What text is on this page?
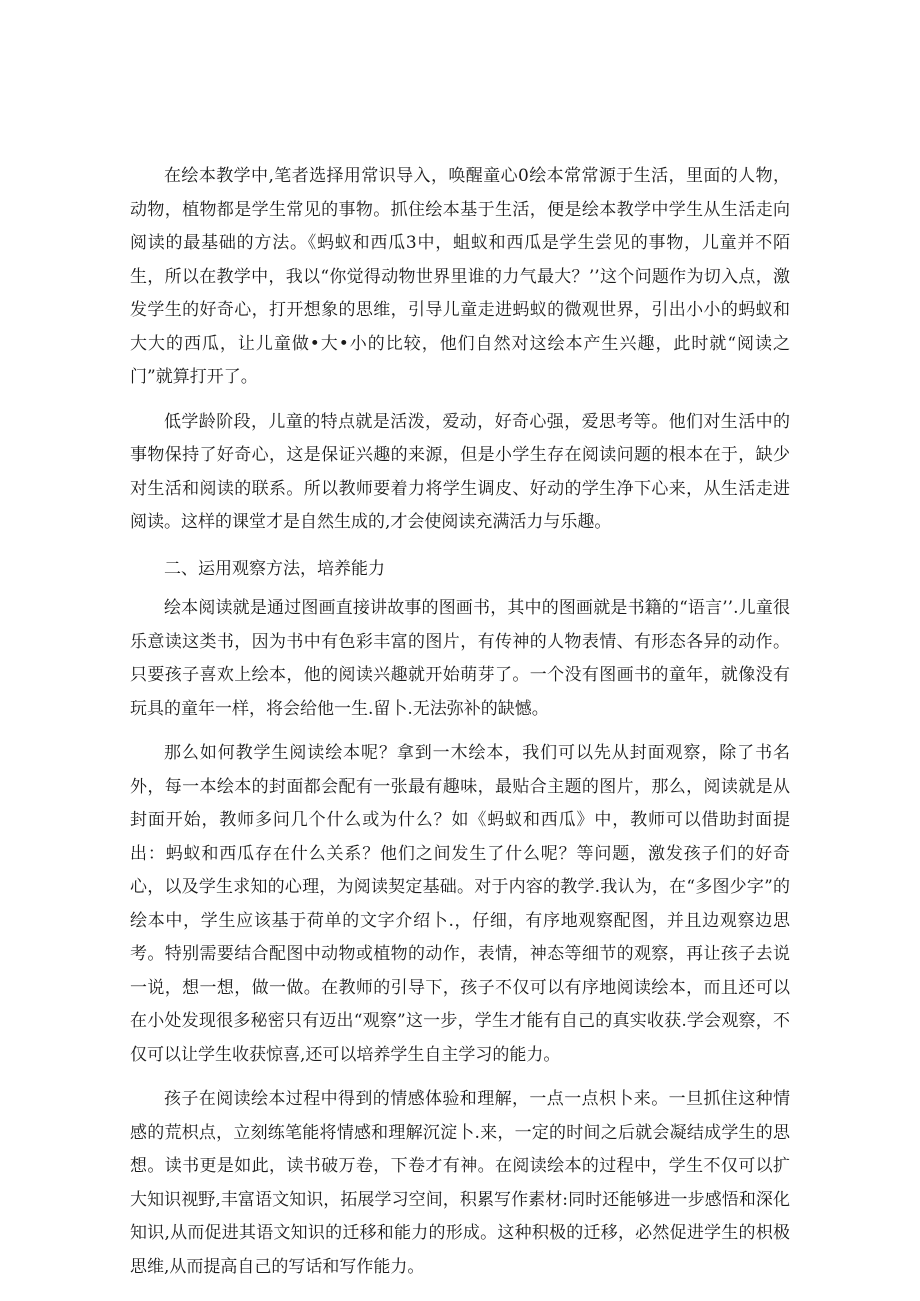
在绘本教学中,笔者选择用常识导入，唤醒童心0绘本常常源于生活，里面的人物，动物，植物都是学生常见的事物。抓住绘本基于生活，便是绘本教学中学生从生活走向阅读的最基础的方法。《蚂蚁和西瓜3中，蛆蚁和西瓜是学生尝见的事物，儿童并不陌生，所以在教学中，我以“你觉得动物世界里谁的力气最大？’’这个问题作为切入点，激发学生的好奇心，打开想象的思维，引导儿童走进蚂蚁的微观世界，引出小小的蚂蚁和大大的西瓜，让儿童做•大•小的比较，他们自然对这绘本产生兴趣，此时就“阅读之门”就算打开了。

低学龄阶段，儿童的特点就是活泼，爱动，好奇心强，爱思考等。他们对生活中的事物保持了好奇心，这是保证兴趣的来源，但是小学生存在阅读问题的根本在于，缺少对生活和阅读的联系。所以教师要着力将学生调皮、好动的学生净下心来，从生活走进阅读。这样的课堂才是自然生成的,才会使阅读充满活力与乐趣。

二、运用观察方法，培养能力

绘本阅读就是通过图画直接讲故事的图画书，其中的图画就是书籍的“语言’’.儿童很乐意读这类书，因为书中有色彩丰富的图片，有传神的人物表情、有形态各异的动作。只要孩子喜欢上绘本，他的阅读兴趣就开始萌芽了。一个没有图画书的童年，就像没有玩具的童年一样，将会给他一生.留卜.无法弥补的缺憾。

那么如何教学生阅读绘本呢？拿到一木绘本，我们可以先从封面观察，除了书名外，每一本绘本的封面都会配有一张最有趣味，最贴合主题的图片，那么，阅读就是从封面开始，教师多问几个什么或为什么？如《蚂蚁和西瓜》中，教师可以借助封面提出：蚂蚁和西瓜存在什么关系？他们之间发生了什么呢？等问题，激发孩子们的好奇心，以及学生求知的心理，为阅读契定基础。对于内容的教学.我认为，在“多图少字”的绘本中，学生应该基于荷单的文字介绍卜.，仔细，有序地观察配图，并且边观察边思考。特别需要结合配图中动物或植物的动作，表情，神态等细节的观察，再让孩子去说一说，想一想，做一做。在教师的引导下，孩子不仅可以有序地阅读绘本，而且还可以在小处发现很多秘密只有迈出“观察”这一步，学生才能有自己的真实收获.学会观察，不仅可以让学生收获惊喜,还可以培养学生自主学习的能力。

孩子在阅读绘本过程中得到的情感体验和理解，一点一点枳卜来。一旦抓住这种情感的荒枳点，立刻练笔能将情感和理解沉淀卜.来，一定的时间之后就会凝结成学生的思想。读书更是如此，读书破万卷，下卷才有神。在阅读绘本的过程中，学生不仅可以扩大知识视野,丰富语文知识，拓展学习空间，积累写作素材:同时还能够进一步感悟和深化知识,从而促进其语文知识的迁移和能力的形成。这种积极的迁移，必然促进学生的枳极思维,从而提高自己的写话和写作能力。
